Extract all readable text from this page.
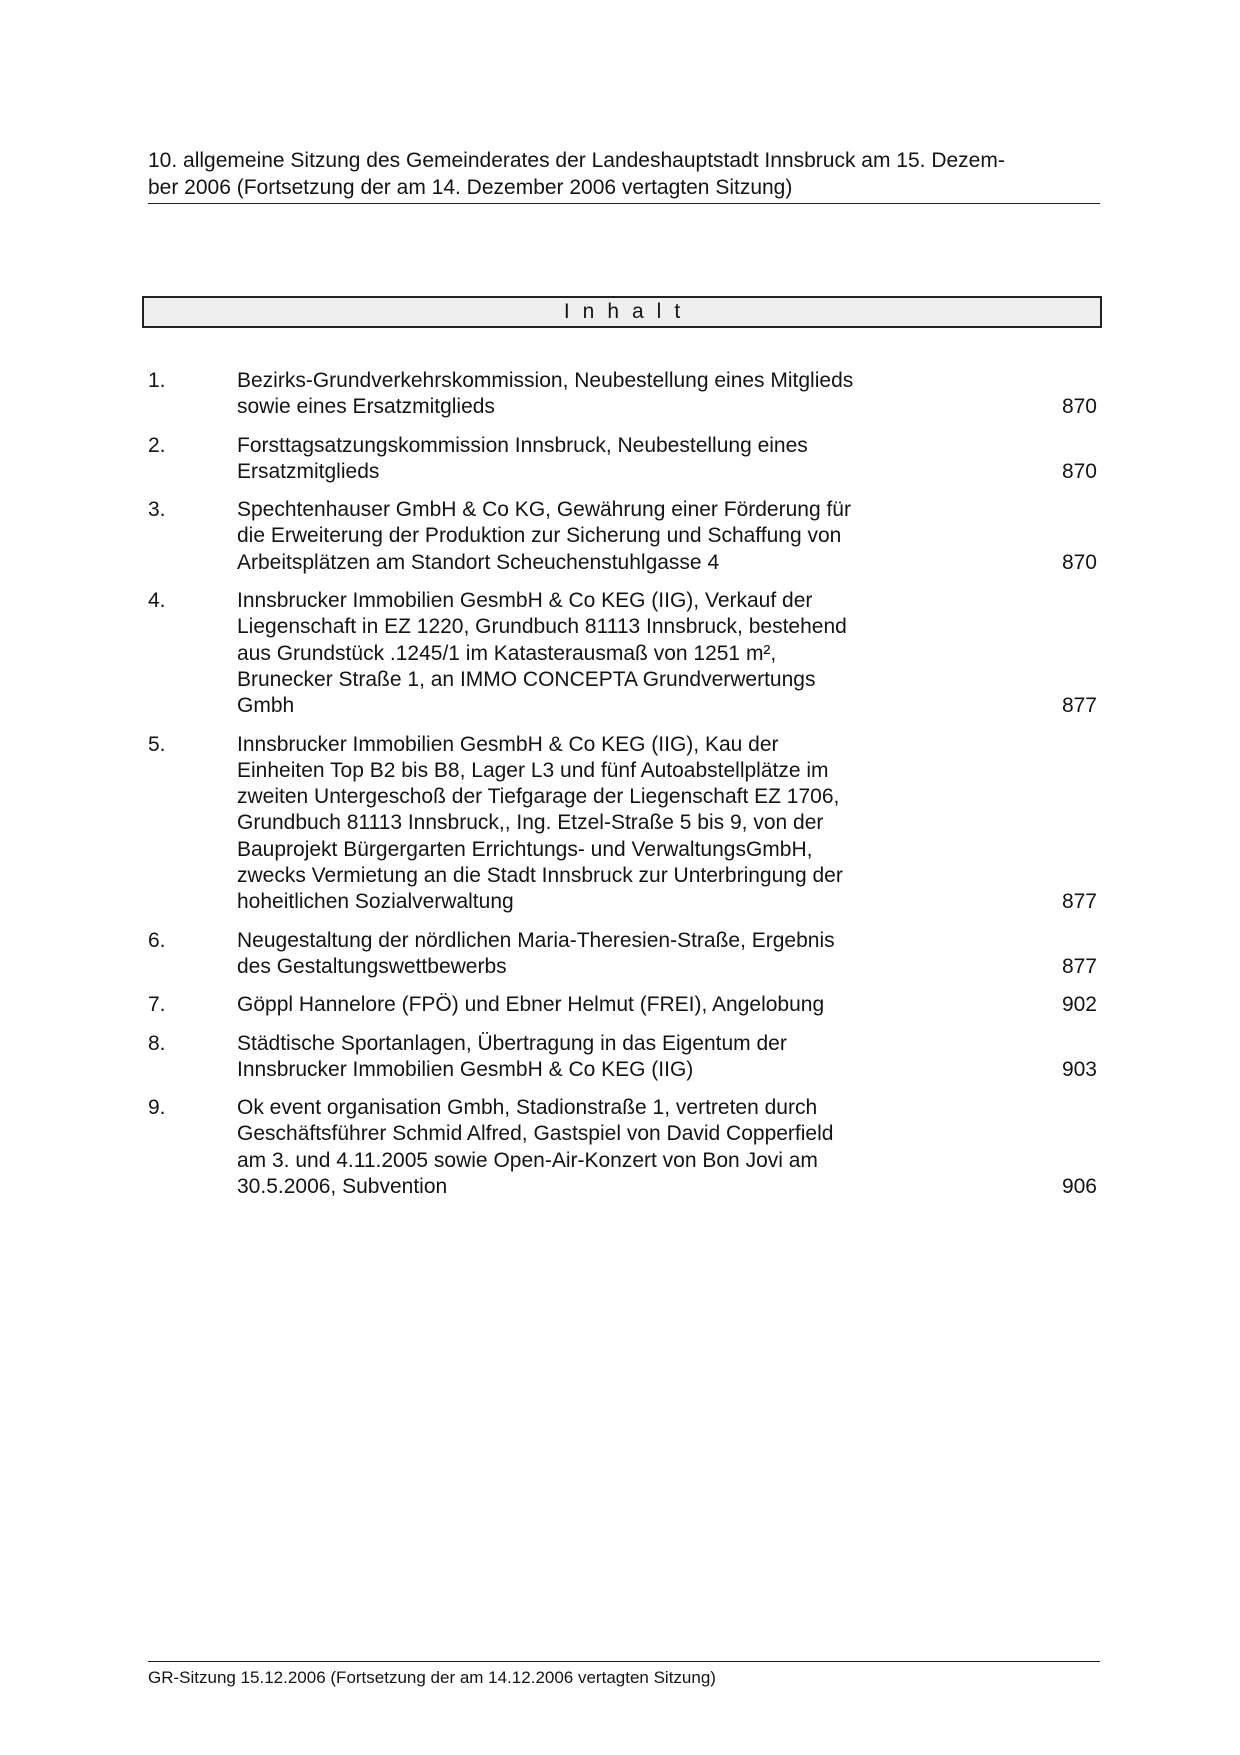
10. allgemeine Sitzung des Gemeinderates der Landeshauptstadt Innsbruck am 15. Dezem-
ber 2006 (Fortsetzung der am 14. Dezember 2006 vertagten Sitzung)
Inhalt
1.	Bezirks-Grundverkehrskommission, Neubestellung eines Mitglieds
sowie eines Ersatzmitglieds	870
2.	Forsttagsatzungskommission Innsbruck, Neubestellung eines
Ersatzmitglieds	870
3.	Spechtenhauser GmbH & Co KG, Gewährung einer Förderung für
die Erweiterung der Produktion zur Sicherung und Schaffung von
Arbeitsplätzen am Standort Scheuchenstuhlgasse 4	870
4.	Innsbrucker Immobilien GesmbH & Co KEG (IIG), Verkauf der
Liegenschaft in EZ 1220, Grundbuch 81113 Innsbruck, bestehend
aus Grundstück .1245/1 im Katasterausmaß von 1251 m²,
Brunecker Straße 1, an IMMO CONCEPTA Grundverwertungs
Gmbh	877
5.	Innsbrucker Immobilien GesmbH & Co KEG (IIG), Kau der
Einheiten Top B2 bis B8, Lager L3 und fünf Autoabstellplätze im
zweiten Untergeschoß der Tiefgarage der Liegenschaft EZ 1706,
Grundbuch 81113 Innsbruck,, Ing. Etzel-Straße 5 bis 9, von der
Bauprojekt Bürgergarten Errichtungs- und VerwaltungsGmbH,
zwecks Vermietung an die Stadt Innsbruck zur Unterbringung der
hoheitlichen Sozialverwaltung	877
6.	Neugestaltung der nördlichen Maria-Theresien-Straße, Ergebnis
des Gestaltungswettbewerbs	877
7.	Göppl Hannelore (FPÖ) und Ebner Helmut (FREI), Angelobung	902
8.	Städtische Sportanlagen, Übertragung in das Eigentum der
Innsbrucker Immobilien GesmbH & Co KEG (IIG)	903
9.	Ok event organisation Gmbh, Stadionstraße 1, vertreten durch
Geschäftsführer Schmid Alfred, Gastspiel von David Copperfield
am 3. und 4.11.2005 sowie Open-Air-Konzert von Bon Jovi am
30.5.2006, Subvention	906
GR-Sitzung 15.12.2006 (Fortsetzung der am 14.12.2006 vertagten Sitzung)
